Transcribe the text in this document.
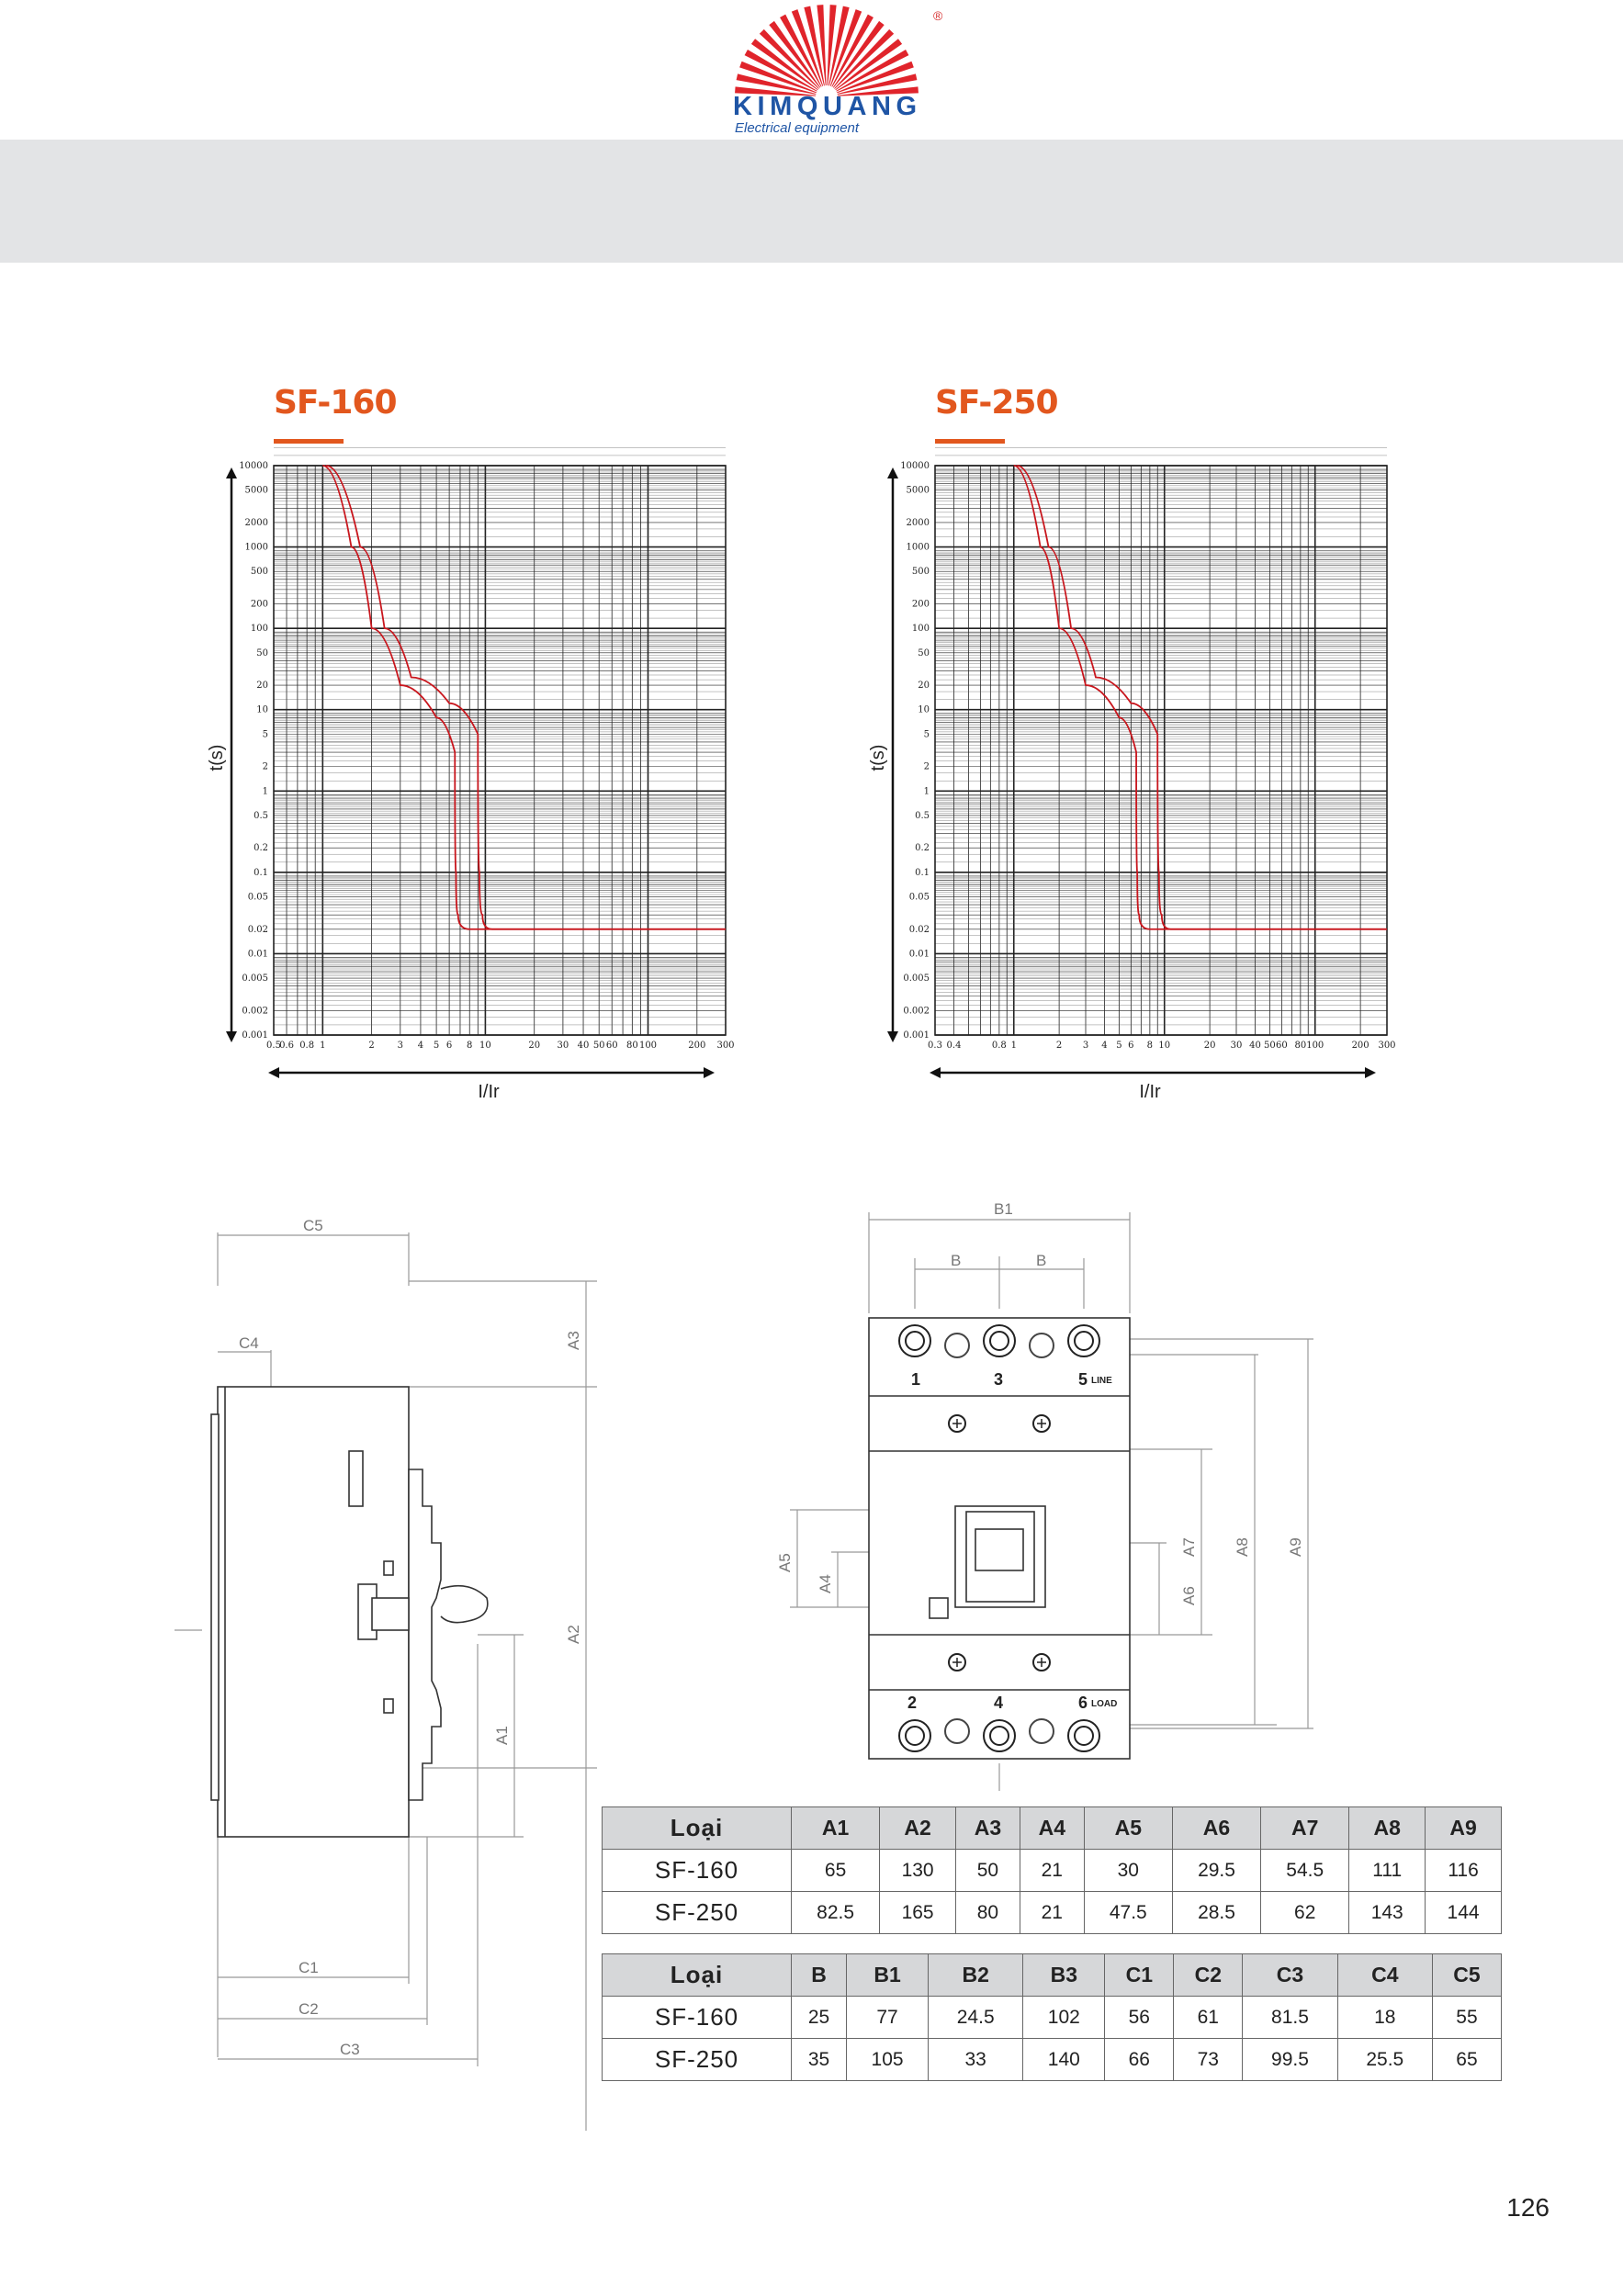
®
KIMQUANG
Electrical equipment
SF-160	SF-250
10000
5000
2000
1000
500
200
100
50
20
10
5
2
1
0.5
0.2
0.1
0.05
0.02
0.01
0.005
0.002
0.001
0.5
0.6 0.8 1	2 3 4 5 6 8 10	20 30 40 50 60 80 100	200 300
t(s)
I/Ir
10000
5000
2000
1000
500
200
100
50
20
10
5
2
1
0.5
0.2
0.1
0.05
0.02
0.01
0.005
0.002
0.001
0.3 0.4	0.8 1	2 3 4 5 6 8 10	20 30 40 50 60 80 100	200 300
t(s)
I/Ir
C5
C4	A3
A2
A1
C1
C2
C3
B1
B	B
A5
A4
A6
A7 A8 A9
1	3	5 LINE
2	4	6 LOAD
Loại	A1	A2	A3	A4	A5	A6	A7	A8	A9
SF-160	65	130	50	21	30	29.5	54.5	111	116
SF-250	82.5	165	80	21	47.5	28.5	62	143	144
Loại	B	B1	B2	B3	C1	C2	C3	C4	C5
SF-160	25	77	24.5	102	56	61	81.5	18	55
SF-250	35	105	33	140	66	73	99.5	25.5	65
126
